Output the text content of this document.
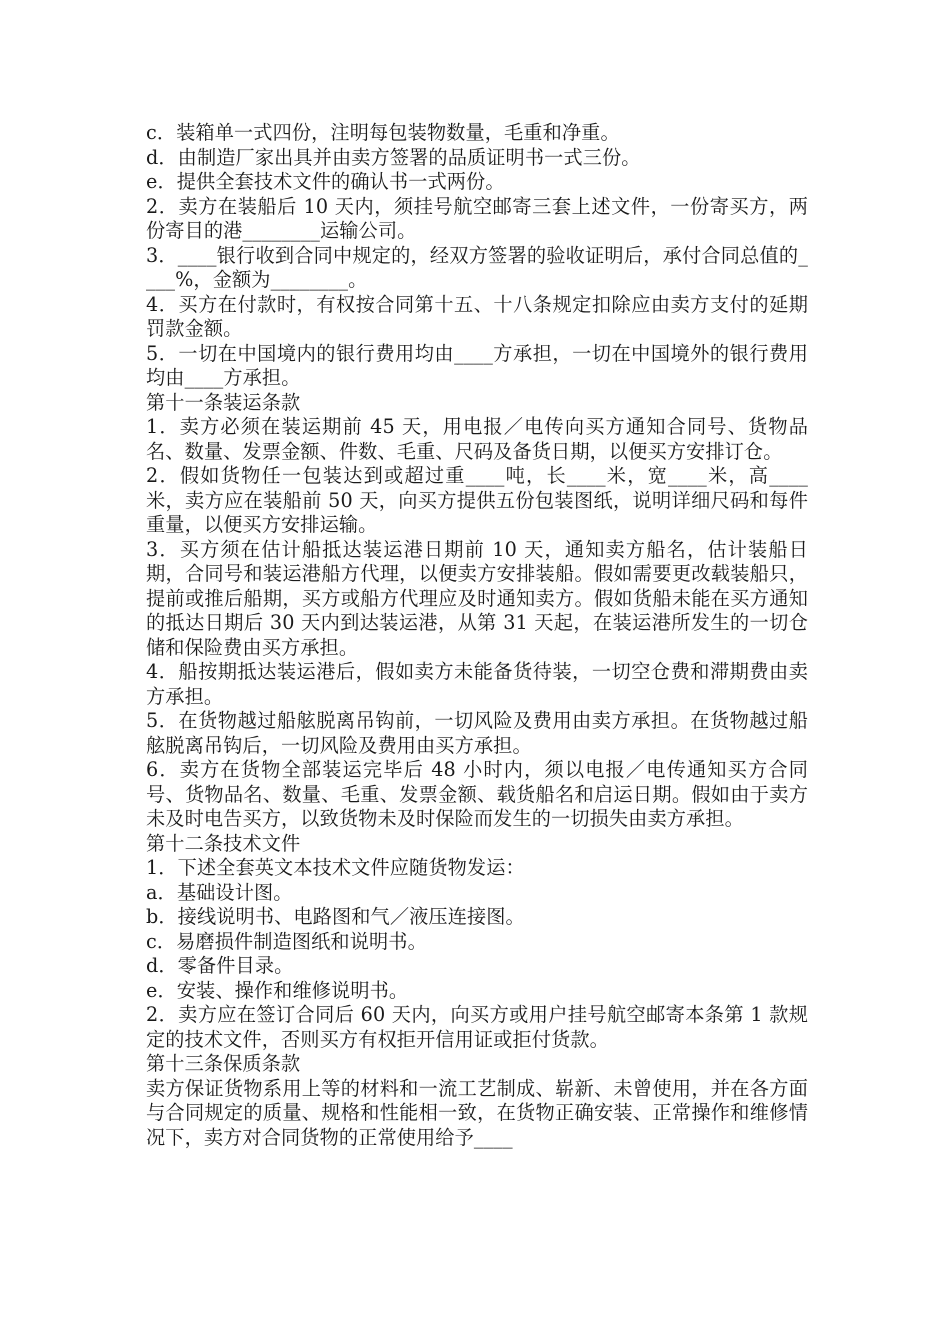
c．装箱单一式四份，注明每包装物数量，毛重和净重。

d．由制造厂家出具并由卖方签署的品质证明书一式三份。

e．提供全套技术文件的确认书一式两份。

2．卖方在装船后 10 天内，须挂号航空邮寄三套上述文件，一份寄买方，两份寄目的港________运输公司。

3．____银行收到合同中规定的，经双方签署的验收证明后，承付合同总值的____%，金额为________。

4．买方在付款时，有权按合同第十五、十八条规定扣除应由卖方支付的延期罚款金额。

5．一切在中国境内的银行费用均由____方承担，一切在中国境外的银行费用均由____方承担。

第十一条装运条款

1．卖方必须在装运期前 45 天，用电报／电传向买方通知合同号、货物品名、数量、发票金额、件数、毛重、尺码及备货日期，以便买方安排订仓。

2．假如货物任一包装达到或超过重____吨，长____米，宽____米，高____米，卖方应在装船前 50 天，向买方提供五份包装图纸，说明详细尺码和每件重量，以便买方安排运输。

3．买方须在估计船抵达装运港日期前 10 天，通知卖方船名，估计装船日期，合同号和装运港船方代理，以便卖方安排装船。假如需要更改载装船只，提前或推后船期，买方或船方代理应及时通知卖方。假如货船未能在买方通知的抵达日期后 30 天内到达装运港，从第 31 天起，在装运港所发生的一切仓储和保险费由买方承担。

4．船按期抵达装运港后，假如卖方未能备货待装，一切空仓费和滞期费由卖方承担。

5．在货物越过船舷脱离吊钩前，一切风险及费用由卖方承担。在货物越过船舷脱离吊钩后，一切风险及费用由买方承担。

6．卖方在货物全部装运完毕后 48 小时内，须以电报／电传通知买方合同号、货物品名、数量、毛重、发票金额、载货船名和启运日期。假如由于卖方未及时电告买方，以致货物未及时保险而发生的一切损失由卖方承担。

第十二条技术文件

1．下述全套英文本技术文件应随货物发运：

a．基础设计图。

b．接线说明书、电路图和气／液压连接图。

c．易磨损件制造图纸和说明书。

d．零备件目录。

e．安装、操作和维修说明书。

2．卖方应在签订合同后 60 天内，向买方或用户挂号航空邮寄本条第 1 款规定的技术文件，否则买方有权拒开信用证或拒付货款。

第十三条保质条款

卖方保证货物系用上等的材料和一流工艺制成、崭新、未曾使用，并在各方面与合同规定的质量、规格和性能相一致，在货物正确安装、正常操作和维修情况下，卖方对合同货物的正常使用给予____
